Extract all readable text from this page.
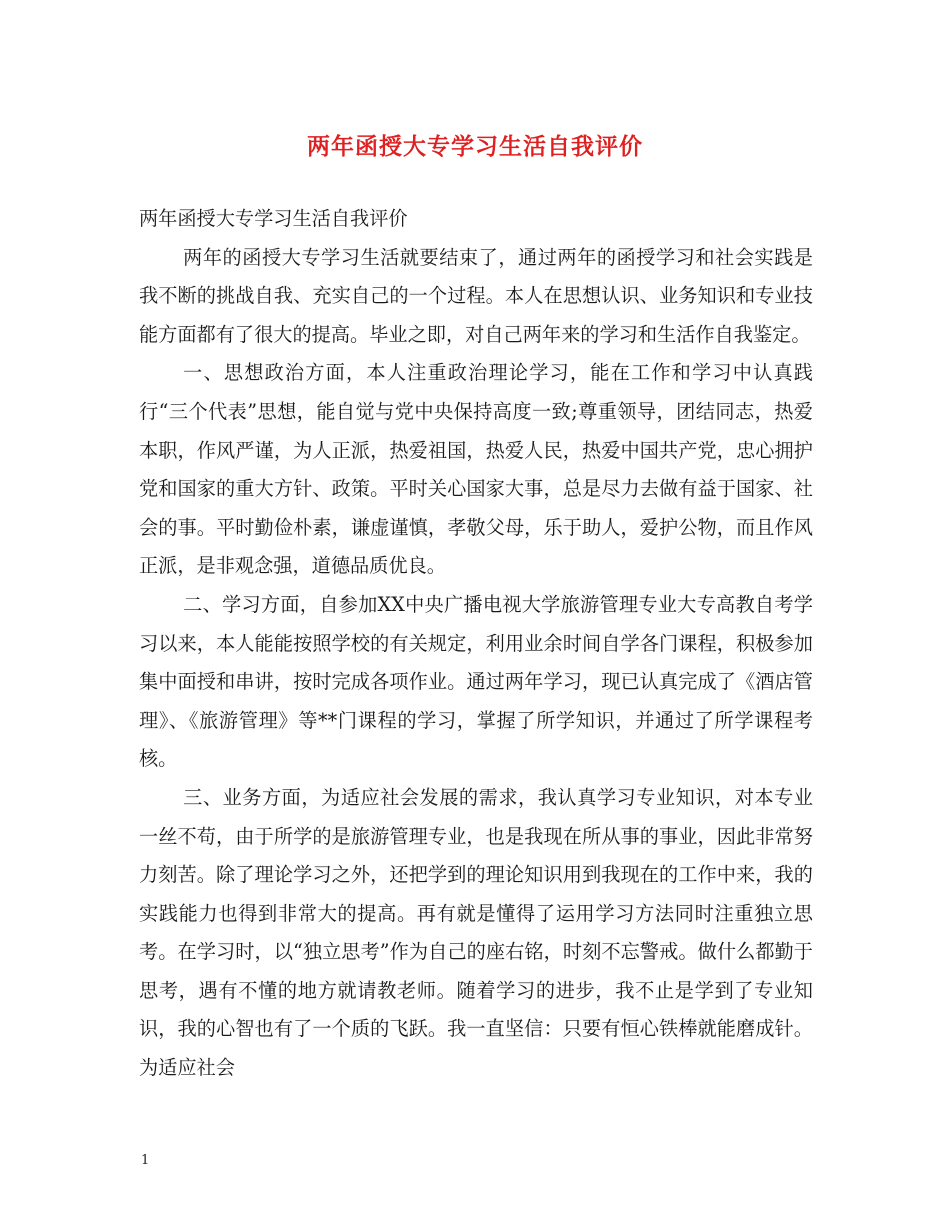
两年函授大专学习生活自我评价

两年函授大专学习生活自我评价

两年的函授大专学习生活就要结束了，通过两年的函授学习和社会实践是我不断的挑战自我、充实自己的一个过程。本人在思想认识、业务知识和专业技能方面都有了很大的提高。毕业之即，对自己两年来的学习和生活作自我鉴定。

一、思想政治方面，本人注重政治理论学习，能在工作和学习中认真践行“三个代表”思想，能自觉与党中央保持高度一致;尊重领导，团结同志，热爱本职，作风严谨，为人正派，热爱祖国，热爱人民，热爱中国共产党，忠心拥护党和国家的重大方针、政策。平时关心国家大事，总是尽力去做有益于国家、社会的事。平时勤俭朴素，谦虚谨慎，孝敬父母，乐于助人，爱护公物，而且作风正派，是非观念强，道德品质优良。

二、学习方面，自参加XX中央广播电视大学旅游管理专业大专高教自考学习以来，本人能能按照学校的有关规定，利用业余时间自学各门课程，积极参加集中面授和串讲，按时完成各项作业。通过两年学习，现已认真完成了《酒店管理》、《旅游管理》等**门课程的学习，掌握了所学知识，并通过了所学课程考核。

三、业务方面，为适应社会发展的需求，我认真学习专业知识，对本专业一丝不苟，由于所学的是旅游管理专业，也是我现在所从事的事业，因此非常努力刻苦。除了理论学习之外，还把学到的理论知识用到我现在的工作中来，我的实践能力也得到非常大的提高。再有就是懂得了运用学习方法同时注重独立思考。在学习时，以“独立思考”作为自己的座右铭，时刻不忘警戒。做什么都勤于思考，遇有不懂的地方就请教老师。随着学习的进步，我不止是学到了专业知识，我的心智也有了一个质的飞跃。我一直坚信：只要有恒心铁棒就能磨成针。为适应社会

1
